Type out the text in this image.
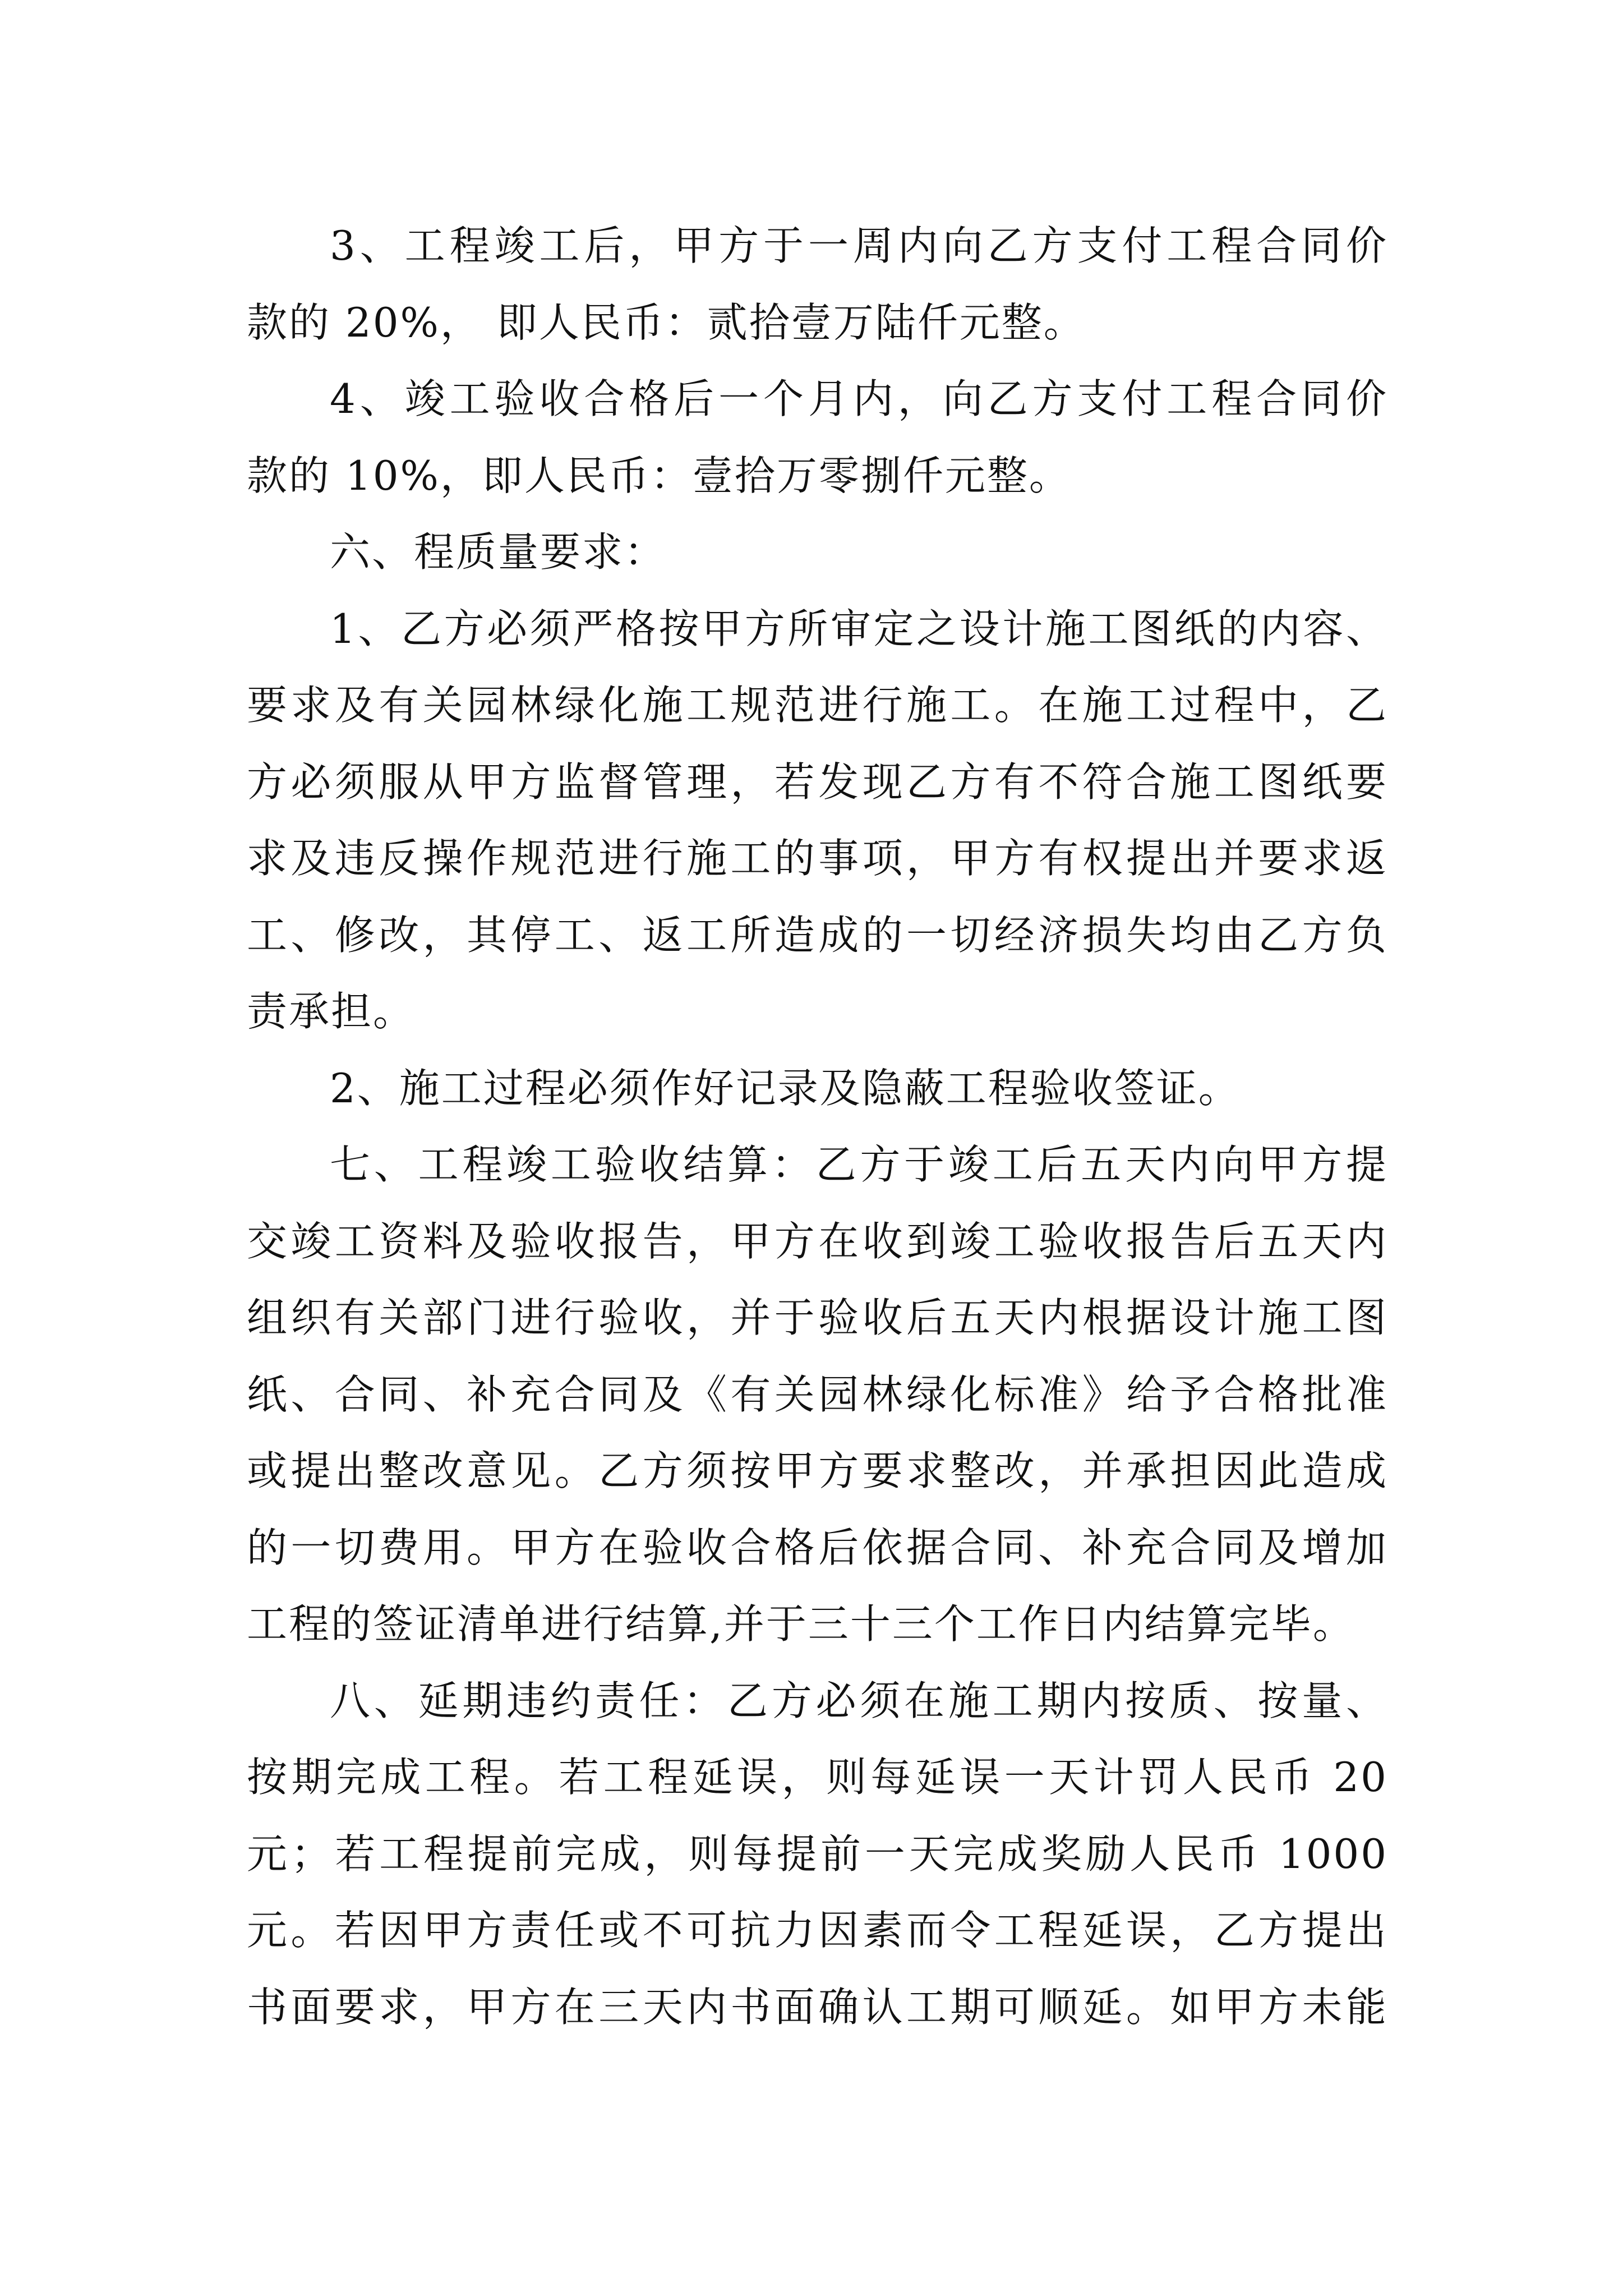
3、工程竣工后，甲方于一周内向乙方支付工程合同价
款的 20%， 即人民币：贰拾壹万陆仟元整。
4、竣工验收合格后一个月内，向乙方支付工程合同价
款的 10%，即人民币：壹拾万零捌仟元整。
六、程质量要求：
1、乙方必须严格按甲方所审定之设计施工图纸的内容、
要求及有关园林绿化施工规范进行施工。在施工过程中，乙
方必须服从甲方监督管理，若发现乙方有不符合施工图纸要
求及违反操作规范进行施工的事项，甲方有权提出并要求返
工、修改，其停工、返工所造成的一切经济损失均由乙方负
责承担。
2、施工过程必须作好记录及隐蔽工程验收签证。
七、工程竣工验收结算：乙方于竣工后五天内向甲方提
交竣工资料及验收报告，甲方在收到竣工验收报告后五天内
组织有关部门进行验收，并于验收后五天内根据设计施工图
纸、合同、补充合同及《有关园林绿化标准》给予合格批准
或提出整改意见。乙方须按甲方要求整改，并承担因此造成
的一切费用。甲方在验收合格后依据合同、补充合同及增加
工程的签证清单进行结算,并于三十三个工作日内结算完毕。
八、延期违约责任：乙方必须在施工期内按质、按量、
按期完成工程。若工程延误，则每延误一天计罚人民币 20
元；若工程提前完成，则每提前一天完成奖励人民币 1000
元。若因甲方责任或不可抗力因素而令工程延误，乙方提出
书面要求，甲方在三天内书面确认工期可顺延。如甲方未能
